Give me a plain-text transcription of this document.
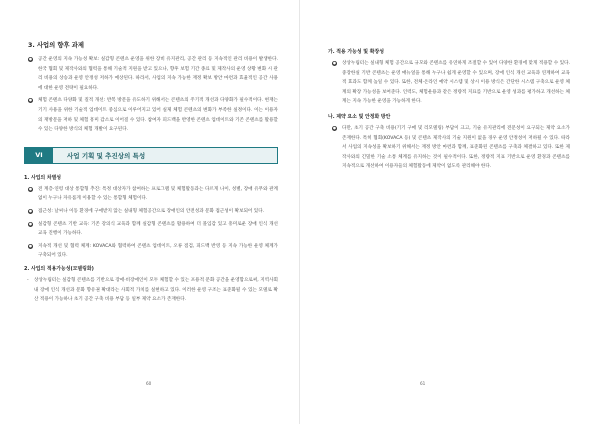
3. 사업의 향후 과제
● 공간 운영의 지속 가능성 확보: 실감형 콘텐츠 운영을 위한 장비 유지관리, 공간 관리 등 지속적인 관리 비용이 발생한다. 한국 협회 및 제작사와의 협력을 통해 기술적 지원을 받고 있으나, 향후 보험 기간 종료 및 제작사의 운영 상황 변화 시 관리 비용의 상승과 운영 안정성 저하가 예상된다. 따라서, 사업의 지속 가능한 재정 확보 방안 마련과 효율적인 공간 사용에 대한 운영 전략이 필요하다.
● 체험 콘텐츠 다양화 및 질적 개선: 반복 방문을 유도하기 위해서는 콘텐츠의 주기적 개선과 다양화가 필수적이다. 현재는 기기 사용을 위한 기술적 업데이트 중심으로 이루어지고 있어 실제 체험 콘텐츠의 변화가 부족한 실정이다. 이는 이용자의 재방문을 저하 및 체험 흥미 감소로 이어질 수 있다. 참여자 피드백을 반영한 콘텐츠 업데이트와 기존 콘텐츠를 활용할 수 있는 다양한 방식의 체험 개발이 요구된다.
VI	사업 기획 및 추진상의 특성
1. 사업의 차별성
● 전 계층·연령 대상 통합형 추진: 특정 대상자가 참여하는 프로그램 및 체험활동과는 다르게 나이, 성별, 장애 유무와 관계없이 누구나 자유롭게 이용할 수 있는 통합형 체험이다.
● 접근성: 날씨나 이동 환경에 구애받지 않는 실내형 체험공간으로 장애인의 안전성과 문화 접근성이 확보되어 있다.
● 실감형 콘텐츠 기반 교육: 기존 강의식 교육과 함께 실감형 콘텐츠를 활용하여 더 몰입감 있고 흥미로운 장애 인식 개선 교육 진행이 가능하다.
● 지속적 개선 및 협력 체계: KOVACA와 협력하여 콘텐츠 업데이트, 오류 점검, 피드백 반영 등 지속 가능한 운영 체계가 구축되어 있다.
2. 사업의 적용가능성(모델링화)
- 상상누림터는 실감형 콘텐츠를 기반으로 장애·비장애인이 모두 체험할 수 있는 포용적 문화 공간을 운영함으로써, 지역사회 내 장애 인식 개선과 문화 향유권 확대라는 사회적 가치를 실현하고 있다. 이러한 운영 구조는 표준화될 수 있는 모델로 확산 적용이 가능하나 초기 공간 구축 비용 부담 등 일부 제약 요소가 존재한다.
60
가. 적용 가능성 및 확장성
● 상상누림터는 실내형 체험 공간으로 규모와 콘텐츠를 유연하게 조절할 수 있어 다양한 환경에 맞게 적용할 수 있다. 중장한실 기반 콘텐츠는 운영 매뉴얼을 통해 누구나 쉽게 운영할 수 있으며, 장애 인식 개선 교육과 연계하여 교육적 효과도 함께 높일 수 있다. 또한, 전체·온라인 예약 시스템 및 상시 이용 방식은 간단한 시스템 구축으로 운영 체계의 확장 가능성을 보여준다. 인력도, 체험운용과 같은 정량적 지표를 기반으로 운영 성과를 평가하고 개선하는 체계는 지속 가능한 운영을 가능하게 한다.
나. 제약 요소 및 안정화 방안
● 다만, 초기 공간 구축 비용(기기 구매 및 리모델링) 부담이 크고, 기술 유지관리에 전문성이 요구되는 제약 요소가 존재한다. 특히 협회(KOVACA 등) 및 콘텐츠 제작사의 기술 지원이 없을 경우 운영 안정성이 저하될 수 있다. 따라서 사업의 지속성을 확보하기 위해서는 재정 방안 마련과 함께, 표준화된 콘텐츠를 구축과 체결하고 있다. 또한 제작사와의 긴밀한 기술 소통 체계를 유지하는 것이 필수적이다. 또한, 정량적 지표 기반으로 운영 환경과 콘텐츠를 지속적으로 개선하여 이용자들의 체험활동에 제약이 없도록 관리해야 한다.
61
